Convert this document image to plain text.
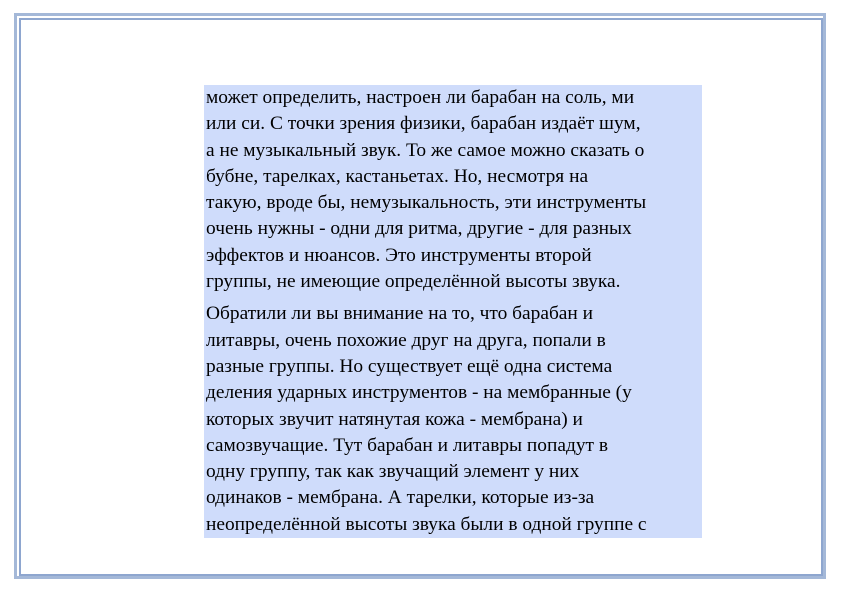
может определить, настроен ли барабан на соль, ми
или си. С точки зрения физики, барабан издаёт шум,
а не музыкальный звук. То же самое можно сказать о
бубне, тарелках, кастаньетах. Но, несмотря на
такую, вроде бы, немузыкальность, эти инструменты
очень нужны - одни для ритма, другие - для разных
эффектов и нюансов. Это инструменты второй
группы, не имеющие определённой высоты звука.

Обратили ли вы внимание на то, что барабан и
литавры, очень похожие друг на друга, попали в
разные группы. Но существует ещё одна система
деления ударных инструментов - на мембранные (у
которых звучит натянутая кожа - мембрана) и
самозвучащие. Тут барабан и литавры попадут в
одну группу, так как звучащий элемент у них
одинаков - мембрана. А тарелки, которые из-за
неопределённой высоты звука были в одной группе с
